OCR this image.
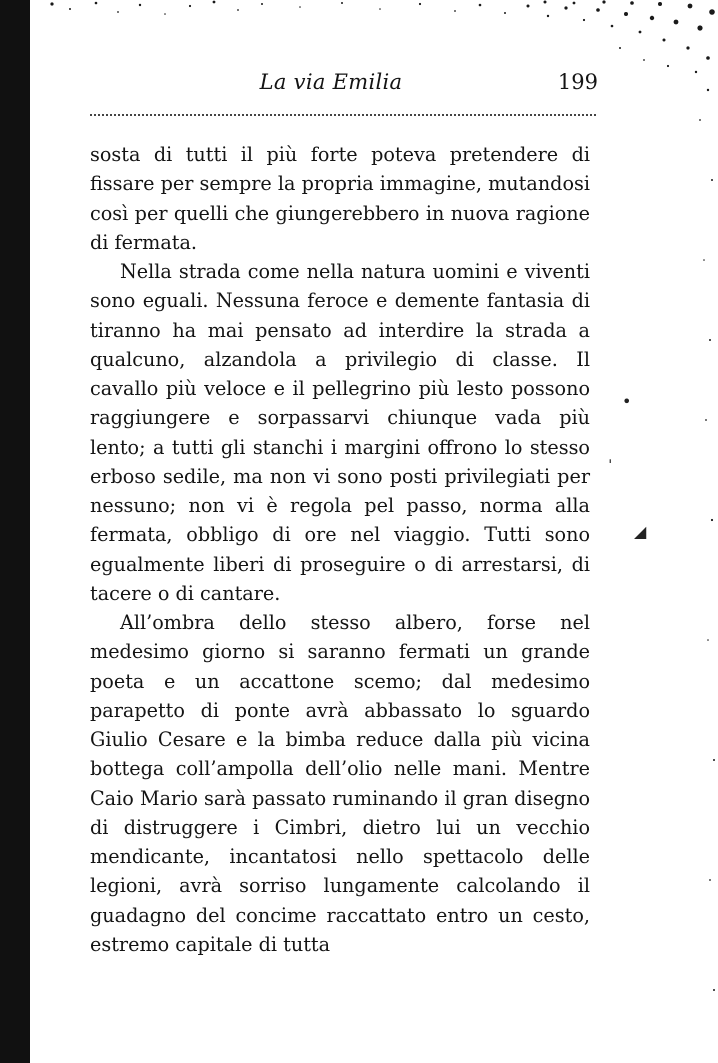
La via Emilia	199

sosta di tutti il più forte poteva pretendere di fissare per sempre la propria immagine, mutandosi così per quelli che giungerebbero in nuova ragione di fermata.

Nella strada come nella natura uomini e viventi sono eguali. Nessuna feroce e demente fantasia di tiranno ha mai pensato ad interdire la strada a qualcuno, alzandola a privilegio di classe. Il cavallo più veloce e il pellegrino più lesto possono raggiungere e sorpassarvi chiunque vada più lento; a tutti gli stanchi i margini offrono lo stesso erboso sedile, ma non vi sono posti privilegiati per nessuno; non vi è regola pel passo, norma alla fermata, obbligo di ore nel viaggio. Tutti sono egualmente liberi di proseguire o di arrestarsi, di tacere o di cantare.

All’ombra dello stesso albero, forse nel medesimo giorno si saranno fermati un grande poeta e un accattone scemo; dal medesimo parapetto di ponte avrà abbassato lo sguardo Giulio Cesare e la bimba reduce dalla più vicina bottega coll’ampolla dell’olio nelle mani. Mentre Caio Mario sarà passato ruminando il gran disegno di distruggere i Cimbri, dietro lui un vecchio mendicante, incantatosi nello spettacolo delle legioni, avrà sorriso lungamente calcolando il guadagno del concime raccattato entro un cesto, estremo capitale di tutta

•
ˌ
◢
